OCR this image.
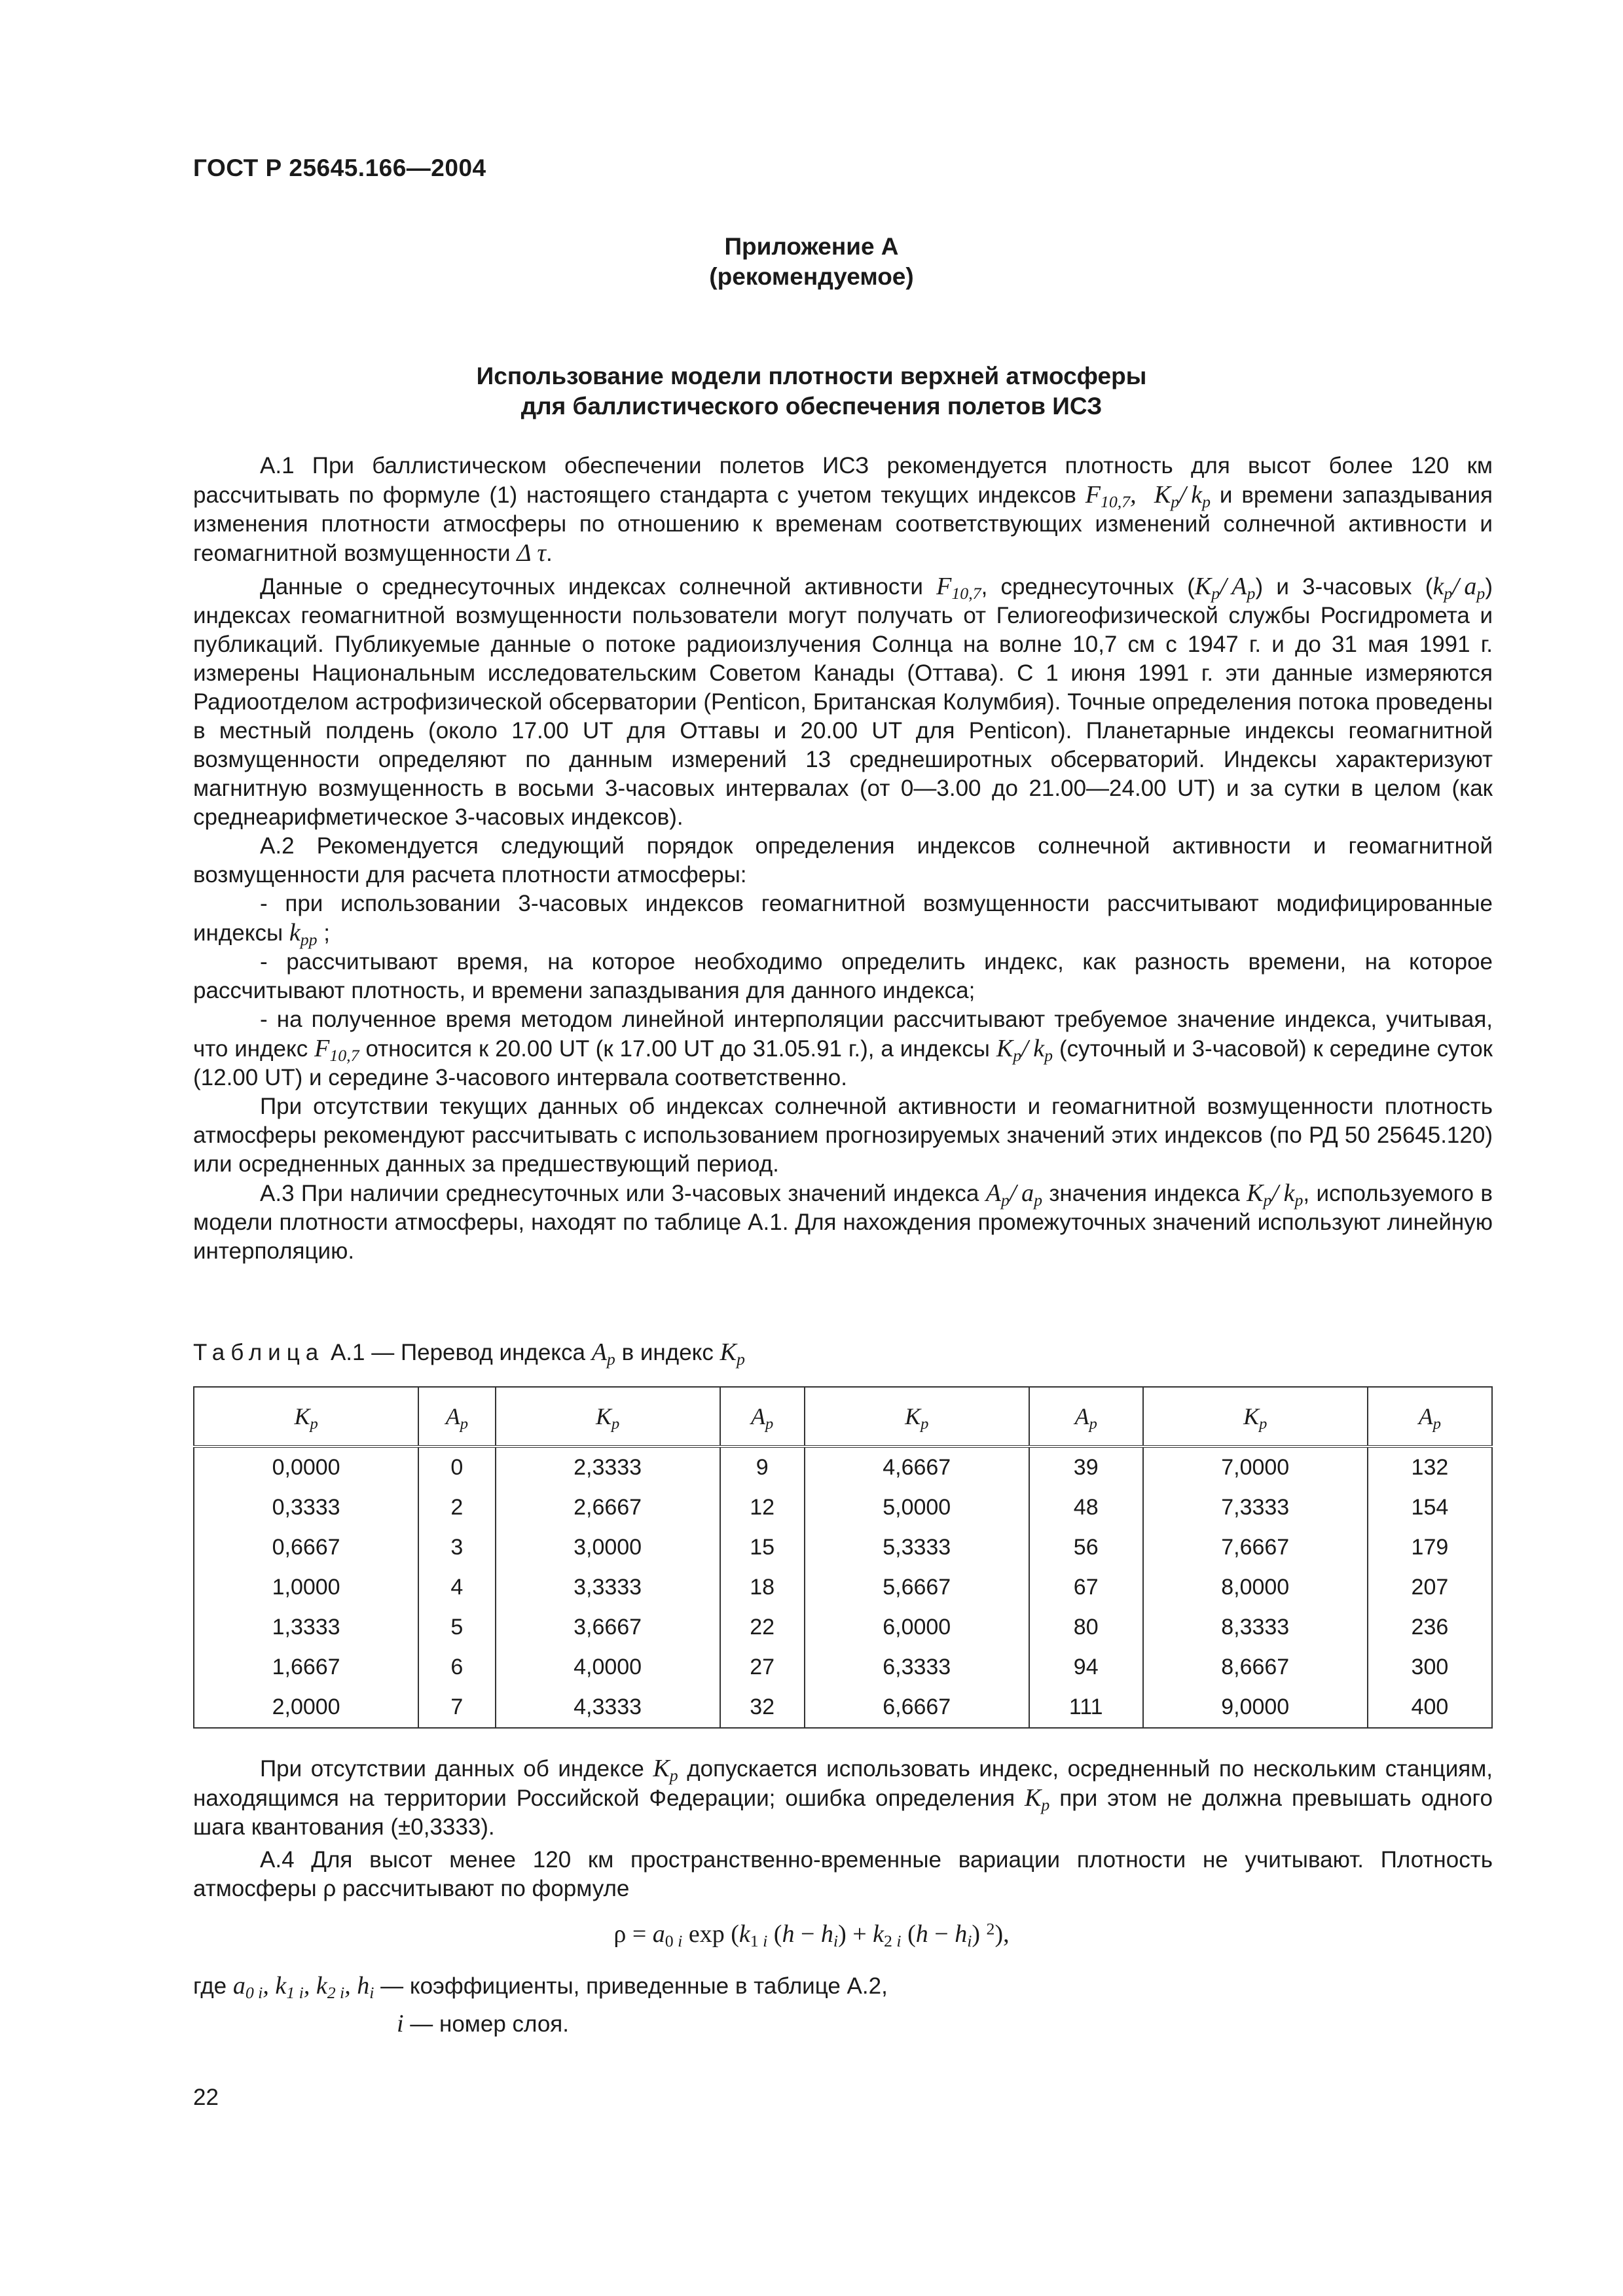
ГОСТ Р 25645.166—2004
Приложение А
(рекомендуемое)
Использование модели плотности верхней атмосферы
для баллистического обеспечения полетов ИСЗ

А.1 При баллистическом обеспечении полетов ИСЗ рекомендуется плотность для высот более 120 км рассчитывать по формуле (1) настоящего стандарта с учетом текущих индексов $F_{10,7}$,  $K_p/$ $k_p$ и времени запаздывания изменения плотности атмосферы по отношению к временам соответствующих изменений солнечной активности и геомагнитной возмущенности Δ τ.

Данные о среднесуточных индексах солнечной активности $F_{10,7}$, среднесуточных ($K_p/$ $A_p$) и 3-часовых ($k_p/$ $a_p$) индексах геомагнитной возмущенности пользователи могут получать от Гелиогеофизической службы Росгидромета и публикаций. Публикуемые данные о потоке радиоизлучения Солнца на волне 10,7 см с 1947 г. и до 31 мая 1991 г. измерены Национальным исследовательским Советом Канады (Оттава). С 1 июня 1991 г. эти данные измеряются Радиоотделом астрофизической обсерватории (Penticon, Британская Колумбия). Точные определения потока проведены в местный полдень (около 17.00 UT для Оттавы и 20.00 UT для Penticon). Планетарные индексы геомагнитной возмущенности определяют по данным измерений 13 среднеширотных обсерваторий. Индексы характеризуют магнитную возмущенность в восьми 3-часовых интервалах (от 0—3.00 до 21.00—24.00 UT) и за сутки в целом (как среднеарифметическое 3-часовых индексов).

А.2 Рекомендуется следующий порядок определения индексов солнечной активности и геомагнитной возмущенности для расчета плотности атмосферы:

- при использовании 3-часовых индексов геомагнитной возмущенности рассчитывают модифицированные индексы $k_{pp}$ ;

- рассчитывают время, на которое необходимо определить индекс, как разность времени, на которое рассчитывают плотность, и времени запаздывания для данного индекса;

- на полученное время методом линейной интерполяции рассчитывают требуемое значение индекса, учитывая, что индекс $F_{10,7}$ относится к 20.00 UT (к 17.00 UT до 31.05.91 г.), а индексы $K_p/$ $k_p$ (суточный и 3-часовой) к середине суток (12.00 UT) и середине 3-часового интервала соответственно.

При отсутствии текущих данных об индексах солнечной активности и геомагнитной возмущенности плотность атмосферы рекомендуют рассчитывать с использованием прогнозируемых значений этих индексов (по РД 50 25645.120) или осредненных данных за предшествующий период.

А.3 При наличии среднесуточных или 3-часовых значений индекса $A_p/$ $a_p$ значения индекса $K_p/$ $k_p$, используемого в модели плотности атмосферы, находят по таблице А.1. Для нахождения промежуточных значений используют линейную интерполяцию.

Таблица А.1 — Перевод индекса $A_p$ в индекс $K_p$
$K_p$	$A_p$	$K_p$	$A_p$	$K_p$	$A_p$	$K_p$	$A_p$
0,0000	0	2,3333	9	4,6667	39	7,0000	132
0,3333	2	2,6667	12	5,0000	48	7,3333	154
0,6667	3	3,0000	15	5,3333	56	7,6667	179
1,0000	4	3,3333	18	5,6667	67	8,0000	207
1,3333	5	3,6667	22	6,0000	80	8,3333	236
1,6667	6	4,0000	27	6,3333	94	8,6667	300
2,0000	7	4,3333	32	6,6667	111	9,0000	400

При отсутствии данных об индексе $K_p$ допускается использовать индекс, осредненный по нескольким станциям, находящимся на территории Российской Федерации; ошибка определения $K_p$ при этом не должна превышать одного шага квантования (±0,3333).

А.4 Для высот менее 120 км пространственно-временные вариации плотности не учитывают. Плотность атмосферы ρ рассчитывают по формуле

$\rho = a_{0 i}$ $\exp (k_{1 i}$ $(h - h_i) + k_{2 i}$ $(h - h_i)$ $^2$),
где $a_{0 i}$, $k_{1 i}$, $k_{2 i}$, $h_i$ — коэффициенты, приведенные в таблице А.2,
i — номер слоя.
22
